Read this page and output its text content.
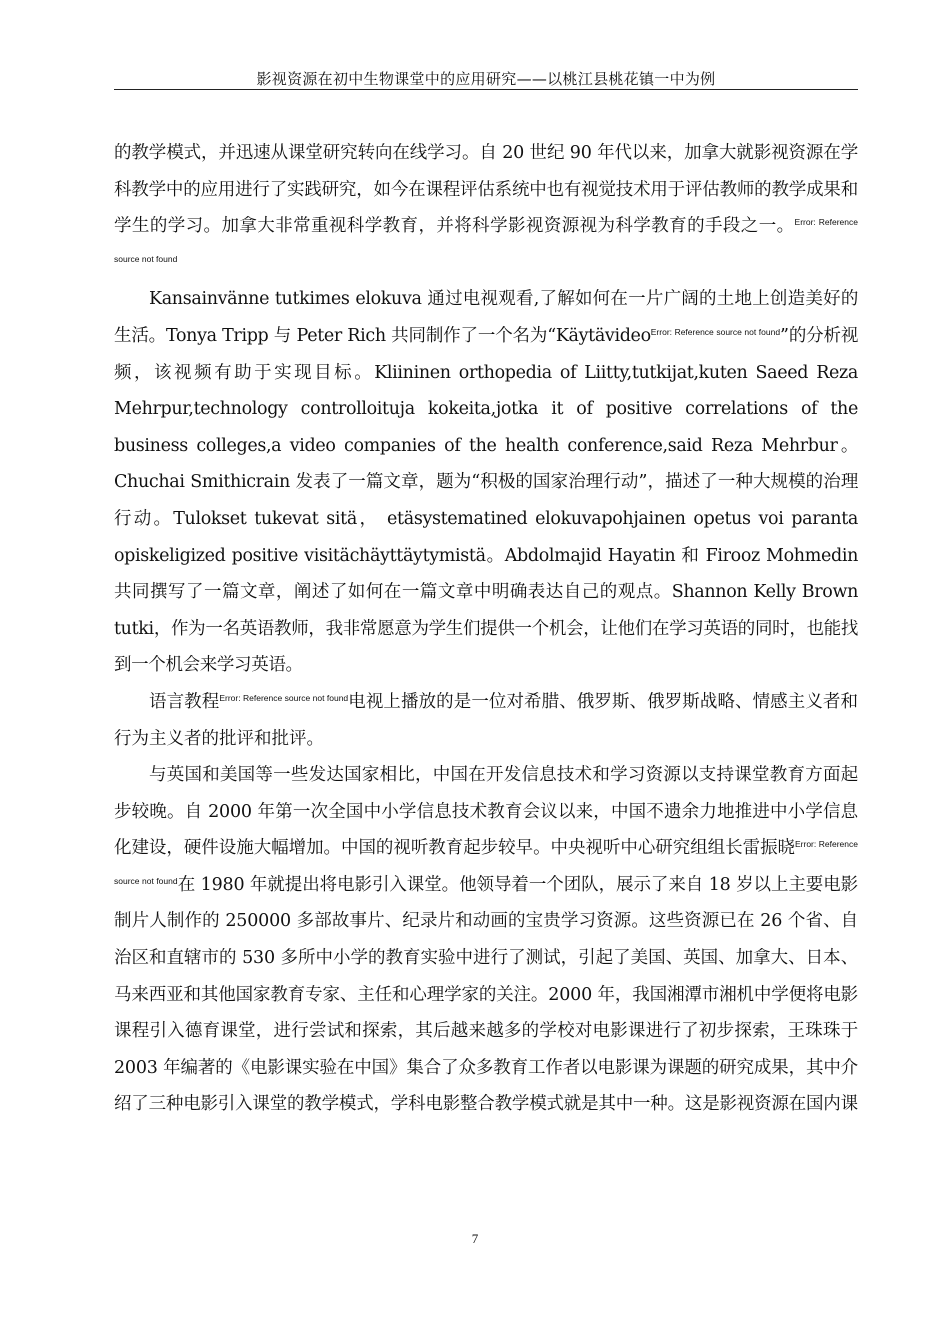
影视资源在初中生物课堂中的应用研究——以桃江县桃花镇一中为例

的教学模式，并迅速从课堂研究转向在线学习。自 20 世纪 90 年代以来，加拿大就影视资源在学科教学中的应用进行了实践研究，如今在课程评估系统中也有视觉技术用于评估教师的教学成果和学生的学习。加拿大非常重视科学教育，并将科学影视资源视为科学教育的手段之一。$^{Error: Reference source not found}$

Kansainvänne tutkimes elokuva 通过电视观看,了解如何在一片广阔的土地上创造美好的生活。Tonya Tripp 与 Peter Rich 共同制作了一个名为“Käytävideo$^{Error: Reference source not found}$”的分析视频，该视频有助于实现目标。Kliininen orthopedia of Liitty,tutkijat,kuten Saeed Reza Mehrpur,technology controlloituja kokeita,jotka it of positive correlations of the business colleges,a video companies of the health conference,said Reza Mehrbur。Chuchai Smithicrain 发表了一篇文章，题为“积极的国家治理行动”，描述了一种大规模的治理行动。Tulokset tukevat sitä， etäsystematined elokuvapohjainen opetus voi paranta opiskeligized positive visitächäyttäytymistä。Abdolmajid Hayatin 和 Firooz Mohmedin 共同撰写了一篇文章，阐述了如何在一篇文章中明确表达自己的观点。Shannon Kelly Brown tutki，作为一名英语教师，我非常愿意为学生们提供一个机会，让他们在学习英语的同时，也能找到一个机会来学习英语。

语言教程$^{Error: Reference source not found}$电视上播放的是一位对希腊、俄罗斯、俄罗斯战略、情感主义者和行为主义者的批评和批评。

与英国和美国等一些发达国家相比，中国在开发信息技术和学习资源以支持课堂教育方面起步较晚。自 2000 年第一次全国中小学信息技术教育会议以来，中国不遗余力地推进中小学信息化建设，硬件设施大幅增加。中国的视听教育起步较早。中央视听中心研究组组长雷振晓$^{Error: Reference source not found}$在 1980 年就提出将电影引入课堂。他领导着一个团队，展示了来自 18 岁以上主要电影制片人制作的 250000 多部故事片、纪录片和动画的宝贵学习资源。这些资源已在 26 个省、自治区和直辖市的 530 多所中小学的教育实验中进行了测试，引起了美国、英国、加拿大、日本、马来西亚和其他国家教育专家、主任和心理学家的关注。2000 年，我国湘潭市湘机中学便将电影课程引入德育课堂，进行尝试和探索，其后越来越多的学校对电影课进行了初步探索，王珠珠于 2003 年编著的《电影课实验在中国》集合了众多教育工作者以电影课为课题的研究成果，其中介绍了三种电影引入课堂的教学模式，学科电影整合教学模式就是其中一种。这是影视资源在国内课

7
